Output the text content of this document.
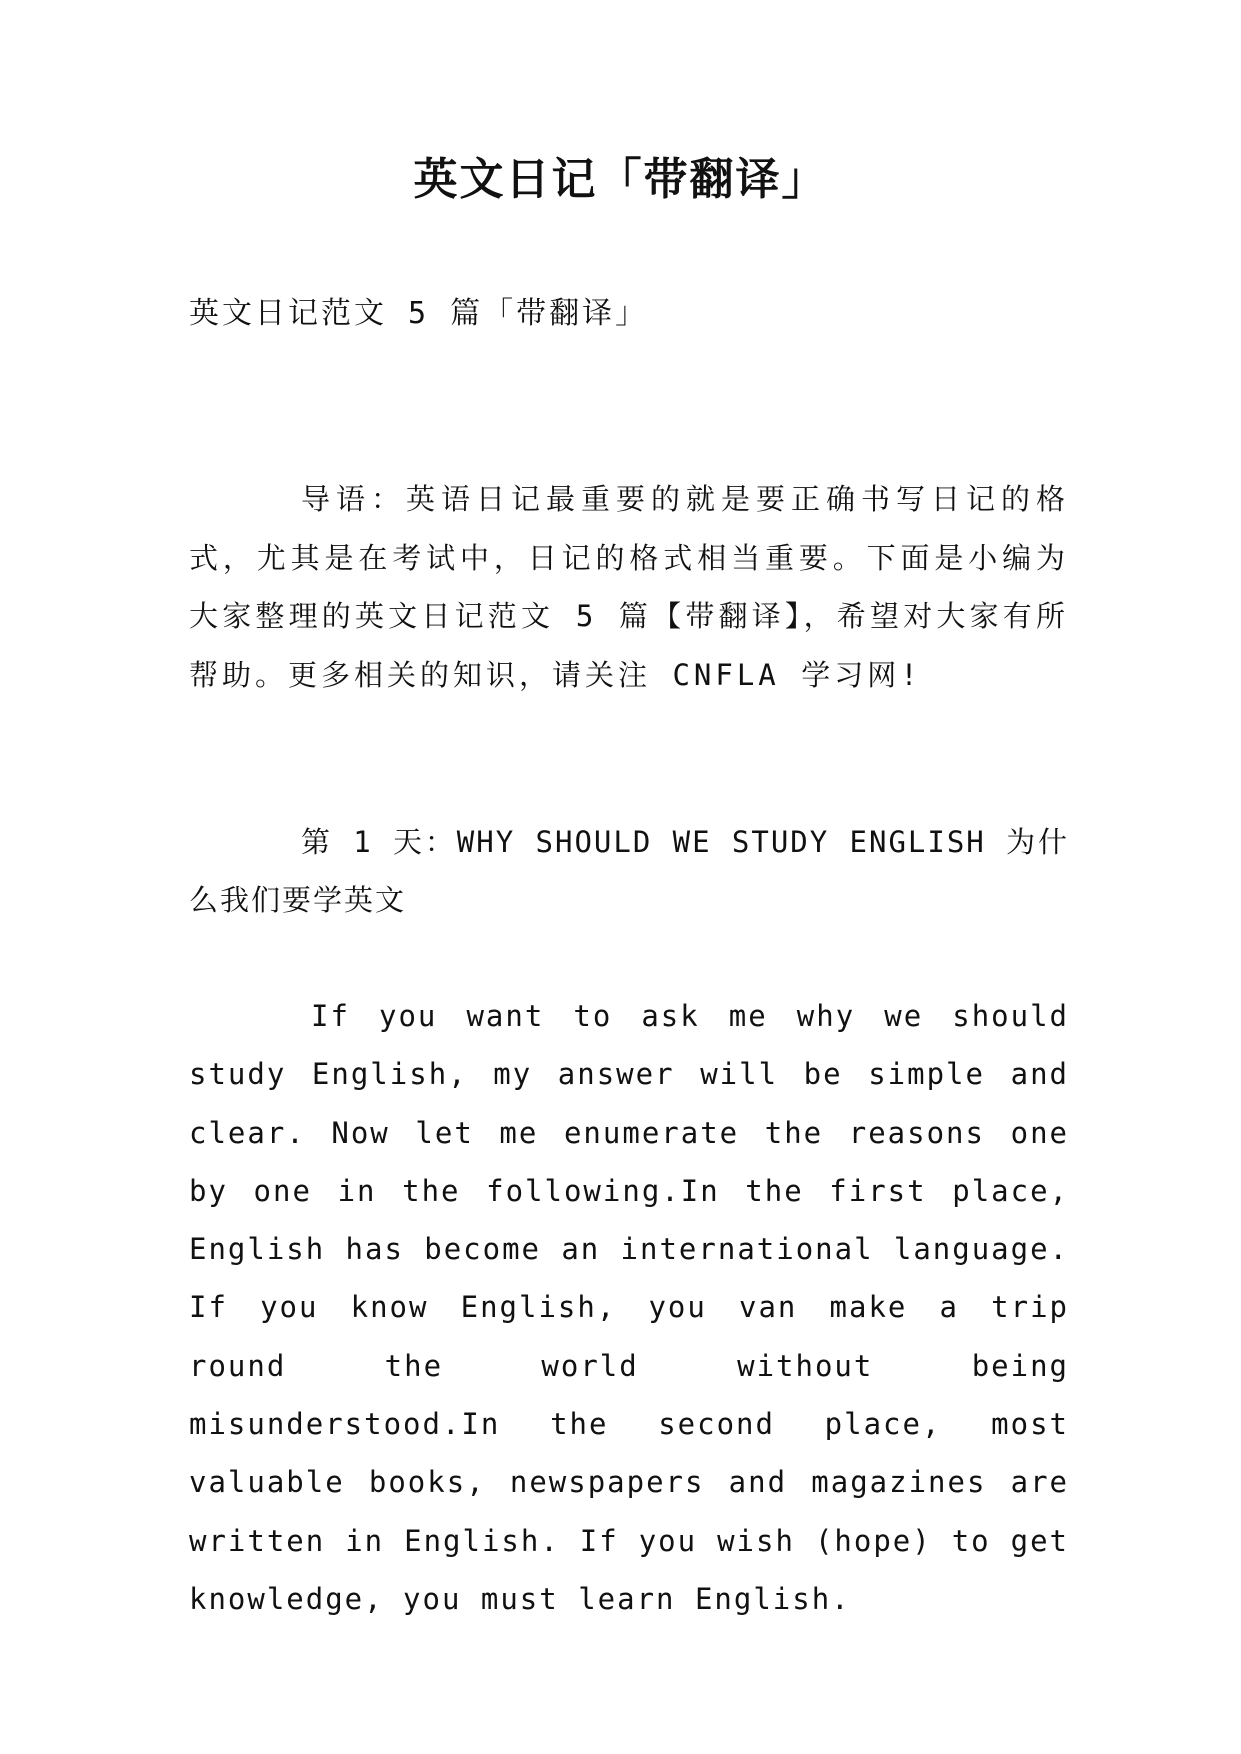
英文日记「带翻译」
英文日记范文 5 篇「带翻译」

导语：英语日记最重要的就是要正确书写日记的格式，尤其是在考试中，日记的格式相当重要。下面是小编为大家整理的英文日记范文 5 篇【带翻译】，希望对大家有所帮助。更多相关的知识，请关注 CNFLA 学习网!

第 1 天：WHY SHOULD WE STUDY ENGLISH 为什么我们要学英文

If you want to ask me why we should study English, my answer will be simple and clear. Now let me enumerate the reasons one by one in the following.In the first place, English has become an international language. If you know English, you van make a trip round the world without being misunderstood.In the second place, most valuable books, newspapers and magazines are written in English. If you wish (hope) to get knowledge, you must learn English.
